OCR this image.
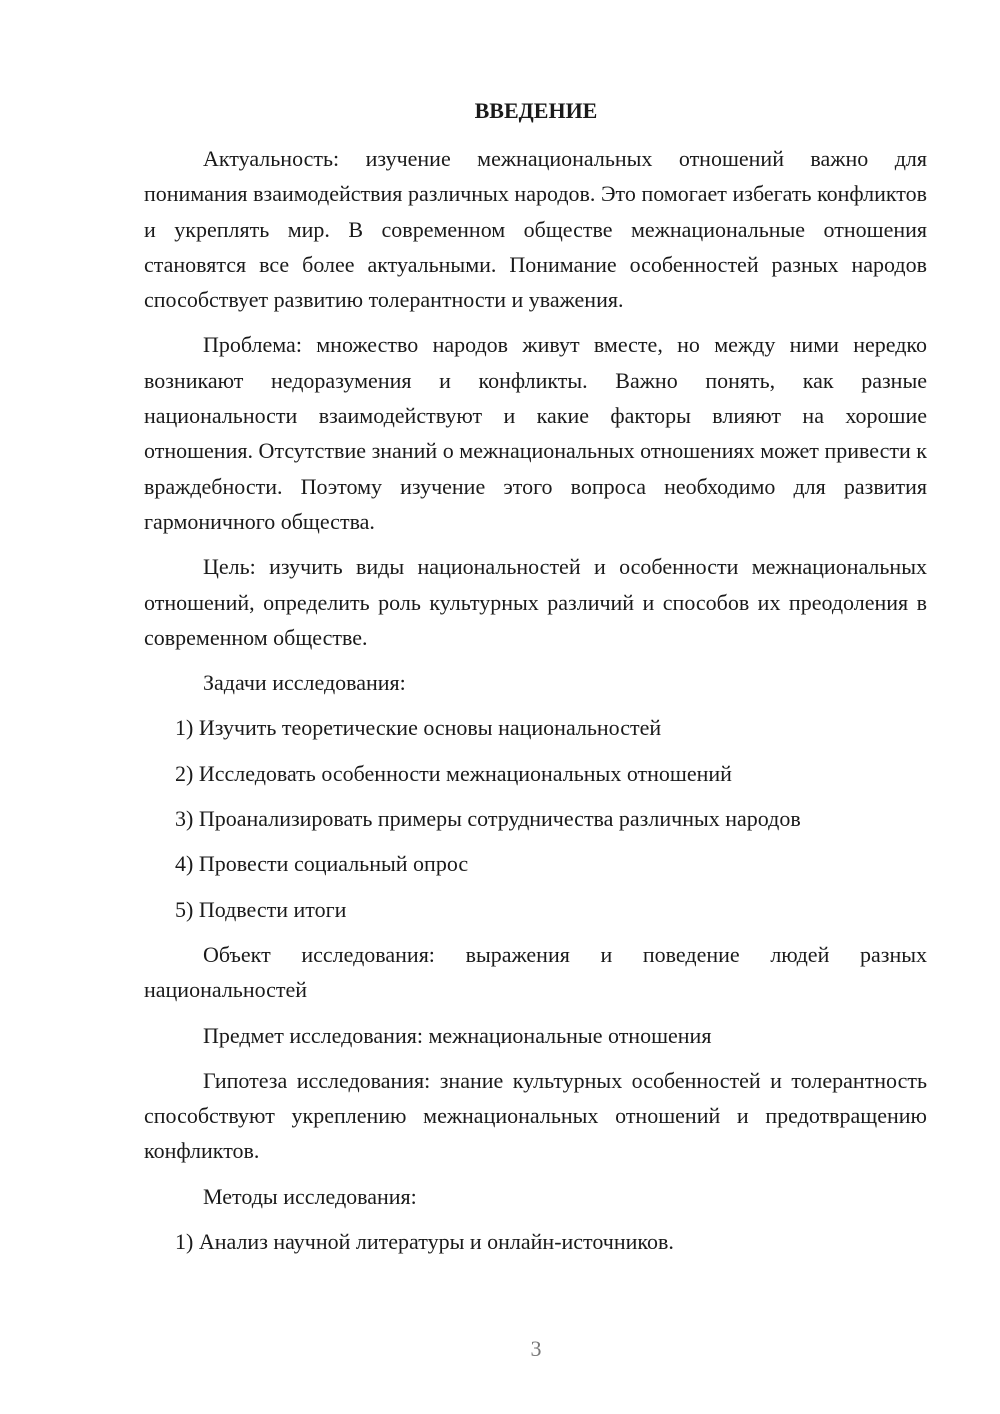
ВВЕДЕНИЕ

Актуальность: изучение межнациональных отношений важно для понимания взаимодействия различных народов. Это помогает избегать конфликтов и укреплять мир. В современном обществе межнациональные отношения становятся все более актуальными. Понимание особенностей разных народов способствует развитию толерантности и уважения.

Проблема: множество народов живут вместе, но между ними нередко возникают недоразумения и конфликты. Важно понять, как разные национальности взаимодействуют и какие факторы влияют на хорошие отношения. Отсутствие знаний о межнациональных отношениях может привести к враждебности. Поэтому изучение этого вопроса необходимо для развития гармоничного общества.

Цель: изучить виды национальностей и особенности межнациональных отношений, определить роль культурных различий и способов их преодоления в современном обществе.

Задачи исследования:

1) Изучить теоретические основы национальностей

2) Исследовать особенности межнациональных отношений

3) Проанализировать примеры сотрудничества различных народов

4) Провести социальный опрос

5) Подвести итоги

Объект исследования: выражения и поведение людей разных национальностей

Предмет исследования: межнациональные отношения

Гипотеза исследования: знание культурных особенностей и толерантность способствуют укреплению межнациональных отношений и предотвращению конфликтов.

Методы исследования:

1) Анализ научной литературы и онлайн-источников.

3
